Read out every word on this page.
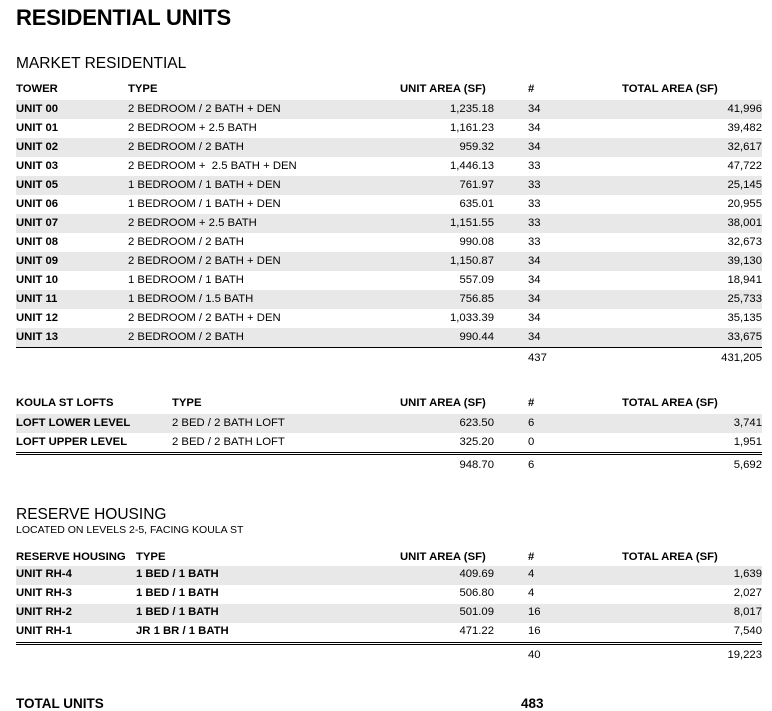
RESIDENTIAL UNITS
MARKET RESIDENTIAL
TOWER	TYPE	UNIT AREA (SF)	#	TOTAL AREA (SF)
UNIT 00	2 BEDROOM / 2 BATH + DEN	1,235.18	34	41,996
UNIT 01	2 BEDROOM + 2.5 BATH	1,161.23	34	39,482
UNIT 02	2 BEDROOM / 2 BATH	959.32	34	32,617
UNIT 03	2 BEDROOM +  2.5 BATH + DEN	1,446.13	33	47,722
UNIT 05	1 BEDROOM / 1 BATH + DEN	761.97	33	25,145
UNIT 06	1 BEDROOM / 1 BATH + DEN	635.01	33	20,955
UNIT 07	2 BEDROOM + 2.5 BATH	1,151.55	33	38,001
UNIT 08	2 BEDROOM / 2 BATH	990.08	33	32,673
UNIT 09	2 BEDROOM / 2 BATH + DEN	1,150.87	34	39,130
UNIT 10	1 BEDROOM / 1 BATH	557.09	34	18,941
UNIT 11	1 BEDROOM / 1.5 BATH	756.85	34	25,733
UNIT 12	2 BEDROOM / 2 BATH + DEN	1,033.39	34	35,135
UNIT 13	2 BEDROOM / 2 BATH	990.44	34	33,675
			437	431,205
KOULA ST LOFTS	TYPE	UNIT AREA (SF)	#	TOTAL AREA (SF)
LOFT LOWER LEVEL	2 BED / 2 BATH LOFT	623.50	6	3,741
LOFT UPPER LEVEL	2 BED / 2 BATH LOFT	325.20	0	1,951
		948.70	6	5,692
RESERVE HOUSING
LOCATED ON LEVELS 2-5, FACING KOULA ST
RESERVE HOUSING	TYPE	UNIT AREA (SF)	#	TOTAL AREA (SF)
UNIT RH-4	1 BED / 1 BATH	409.69	4	1,639
UNIT RH-3	1 BED / 1 BATH	506.80	4	2,027
UNIT RH-2	1 BED / 1 BATH	501.09	16	8,017
UNIT RH-1	JR 1 BR / 1 BATH	471.22	16	7,540
			40	19,223
TOTAL UNITS	483
